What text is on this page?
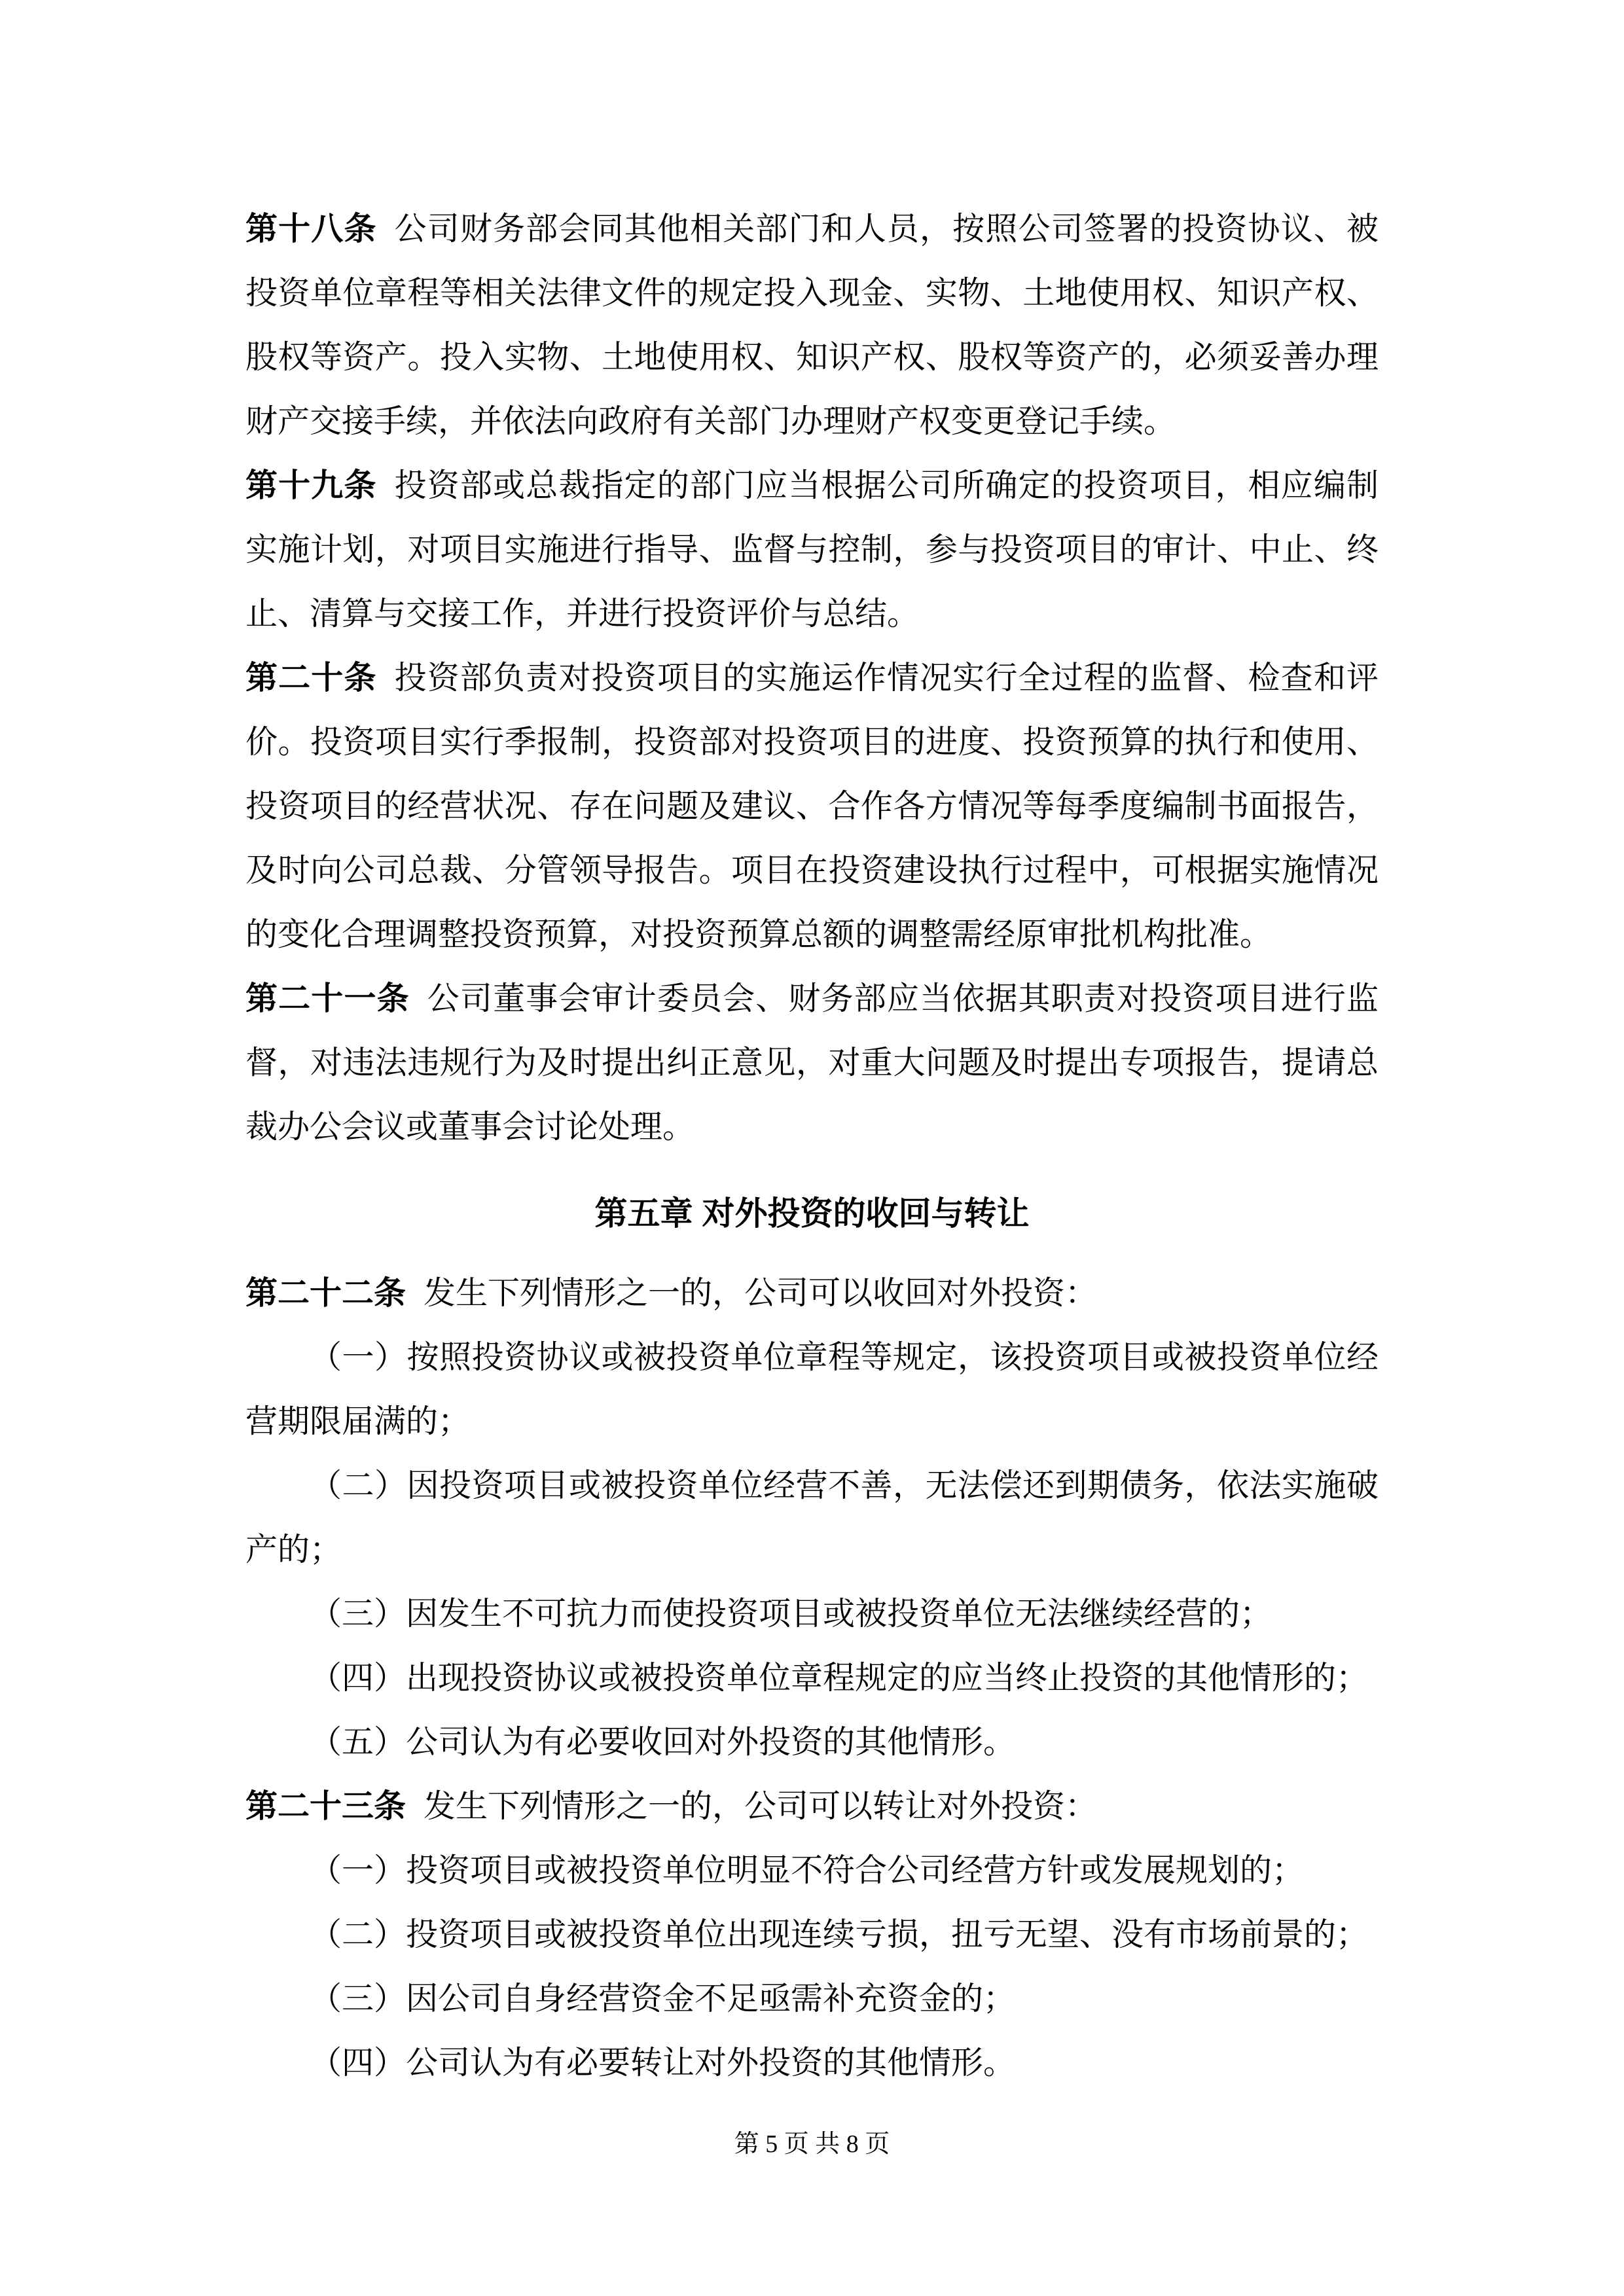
第十八条 公司财务部会同其他相关部门和人员，按照公司签署的投资协议、被投资单位章程等相关法律文件的规定投入现金、实物、土地使用权、知识产权、股权等资产。投入实物、土地使用权、知识产权、股权等资产的，必须妥善办理财产交接手续，并依法向政府有关部门办理财产权变更登记手续。

第十九条 投资部或总裁指定的部门应当根据公司所确定的投资项目，相应编制实施计划，对项目实施进行指导、监督与控制，参与投资项目的审计、中止、终止、清算与交接工作，并进行投资评价与总结。

第二十条 投资部负责对投资项目的实施运作情况实行全过程的监督、检查和评价。投资项目实行季报制，投资部对投资项目的进度、投资预算的执行和使用、投资项目的经营状况、存在问题及建议、合作各方情况等每季度编制书面报告，及时向公司总裁、分管领导报告。项目在投资建设执行过程中，可根据实施情况的变化合理调整投资预算，对投资预算总额的调整需经原审批机构批准。

第二十一条 公司董事会审计委员会、财务部应当依据其职责对投资项目进行监督，对违法违规行为及时提出纠正意见，对重大问题及时提出专项报告，提请总裁办公会议或董事会讨论处理。

第五章 对外投资的收回与转让

第二十二条 发生下列情形之一的，公司可以收回对外投资：

（一）按照投资协议或被投资单位章程等规定，该投资项目或被投资单位经营期限届满的；

（二）因投资项目或被投资单位经营不善，无法偿还到期债务，依法实施破产的；

（三）因发生不可抗力而使投资项目或被投资单位无法继续经营的；

（四）出现投资协议或被投资单位章程规定的应当终止投资的其他情形的；

（五）公司认为有必要收回对外投资的其他情形。

第二十三条 发生下列情形之一的，公司可以转让对外投资：

（一）投资项目或被投资单位明显不符合公司经营方针或发展规划的；

（二）投资项目或被投资单位出现连续亏损，扭亏无望、没有市场前景的；

（三）因公司自身经营资金不足亟需补充资金的；

（四）公司认为有必要转让对外投资的其他情形。

第 5 页 共 8 页
